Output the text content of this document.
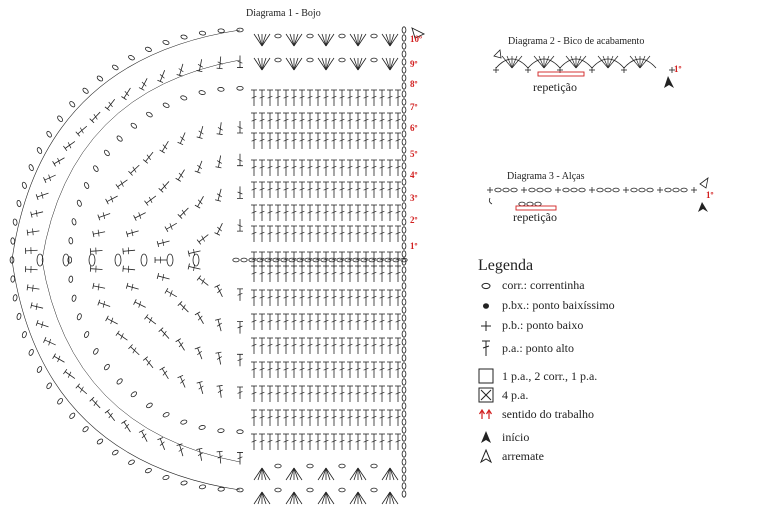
Diagrama 1 - Bojo
10º
9º
8º
7º
6º
5º
4º
3º
2º
1º
Diagrama 2 - Bico de acabamento
1º
repetição
Diagrama 3 - Alças
1º
repetição
Legenda
corr.: correntinha
p.bx.: ponto baixíssimo
p.b.: ponto baixo
p.a.: ponto alto
1 p.a., 2 corr., 1 p.a.
4 p.a.
sentido do trabalho
início
arremate
